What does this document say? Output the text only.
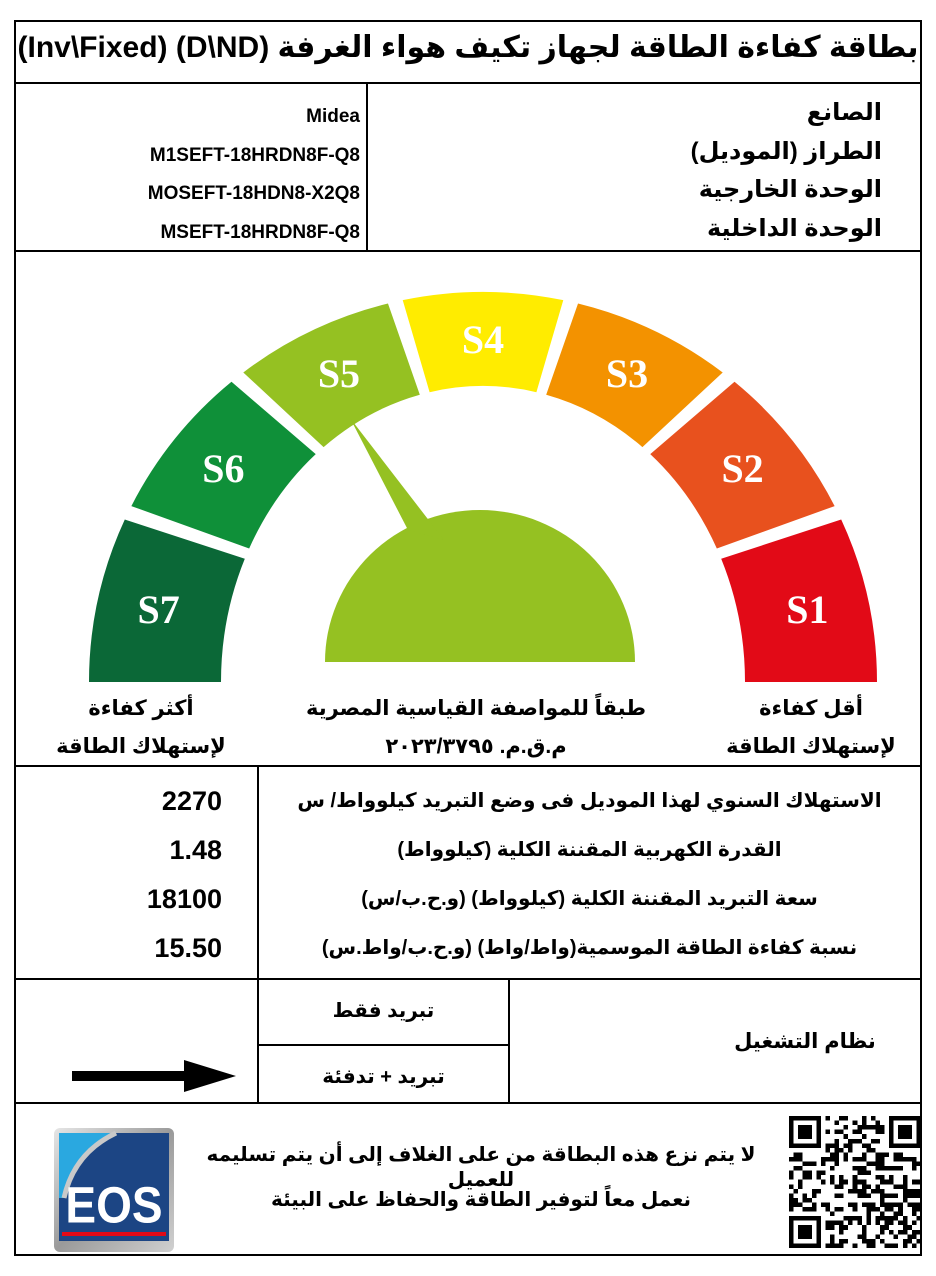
بطاقة كفاءة الطاقة لجهاز تكيف هواء الغرفة (D\ND) (Inv\Fixed)
Midea
M1SEFT-18HRDN8F-Q8
MOSEFT-18HDN8-X2Q8
MSEFT-18HRDN8F-Q8
الصانع
الطراز (الموديل)
الوحدة الخارجية
الوحدة الداخلية
S7
S6
S5
S4
S3
S2
S1
أكثر كفاءة
لإستهلاك الطاقة
طبقاً للمواصفة القياسية المصرية
م.ق.م. ٢٠٢٣/٣٧٩٥
أقل كفاءة
لإستهلاك الطاقة
2270
1.48
18100
15.50
الاستهلاك السنوي لهذا الموديل فى وضع التبريد كيلوواط/ س
القدرة الكهربية المقننة الكلية (كيلوواط)
سعة التبريد المقننة الكلية (كيلوواط) (و.ح.ب/س)
نسبة كفاءة الطاقة الموسمية(واط/واط) (و.ح.ب/واط.س)
تبريد فقط
تبريد + تدفئة
نظام التشغيل
EOS
لا يتم نزع هذه البطاقة من على الغلاف إلى أن يتم تسليمه للعميل
نعمل معاً لتوفير الطاقة والحفاظ على البيئة
